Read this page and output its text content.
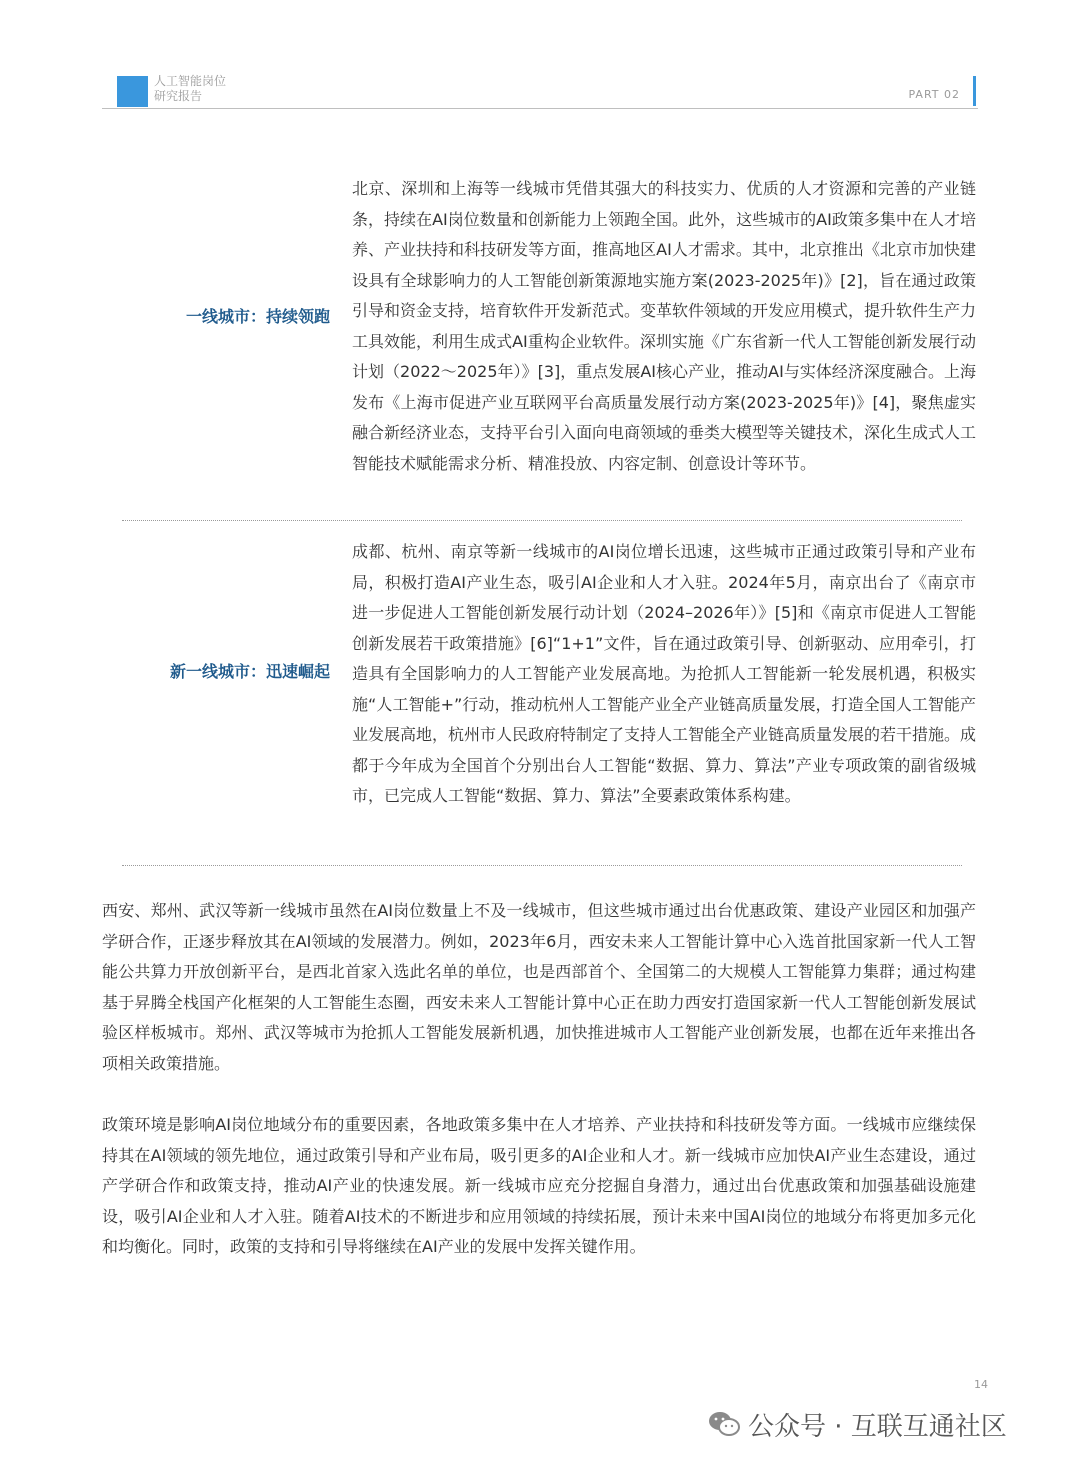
人工智能岗位
研究报告	PART 02
一线城市：持续领跑
北京、深圳和上海等一线城市凭借其强大的科技实力、优质的人才资源和完善的产业链条，持续在AI岗位数量和创新能力上领跑全国。此外，这些城市的AI政策多集中在人才培养、产业扶持和科技研发等方面，推高地区AI人才需求。其中，北京推出《北京市加快建设具有全球影响力的人工智能创新策源地实施方案(2023-2025年)》[2]，旨在通过政策引导和资金支持，培育软件开发新范式。变革软件领域的开发应用模式，提升软件生产力工具效能，利用生成式AI重构企业软件。深圳实施《广东省新一代人工智能创新发展行动计划（2022～2025年）》[3]，重点发展AI核心产业，推动AI与实体经济深度融合。上海发布《上海市促进产业互联网平台高质量发展行动方案(2023-2025年)》[4]，聚焦虚实融合新经济业态，支持平台引入面向电商领域的垂类大模型等关键技术，深化生成式人工智能技术赋能需求分析、精准投放、内容定制、创意设计等环节。
新一线城市：迅速崛起
成都、杭州、南京等新一线城市的AI岗位增长迅速，这些城市正通过政策引导和产业布局，积极打造AI产业生态，吸引AI企业和人才入驻。2024年5月，南京出台了《南京市进一步促进人工智能创新发展行动计划（2024–2026年）》[5]和《南京市促进人工智能创新发展若干政策措施》[6]“1+1”文件，旨在通过政策引导、创新驱动、应用牵引，打造具有全国影响力的人工智能产业发展高地。为抢抓人工智能新一轮发展机遇，积极实施“人工智能+”行动，推动杭州人工智能产业全产业链高质量发展，打造全国人工智能产业发展高地，杭州市人民政府特制定了支持人工智能全产业链高质量发展的若干措施。成都于今年成为全国首个分别出台人工智能“数据、算力、算法”产业专项政策的副省级城市，已完成人工智能“数据、算力、算法”全要素政策体系构建。
西安、郑州、武汉等新一线城市虽然在AI岗位数量上不及一线城市，但这些城市通过出台优惠政策、建设产业园区和加强产学研合作，正逐步释放其在AI领域的发展潜力。例如，2023年6月，西安未来人工智能计算中心入选首批国家新一代人工智能公共算力开放创新平台，是西北首家入选此名单的单位，也是西部首个、全国第二的大规模人工智能算力集群；通过构建基于昇腾全栈国产化框架的人工智能生态圈，西安未来人工智能计算中心正在助力西安打造国家新一代人工智能创新发展试验区样板城市。郑州、武汉等城市为抢抓人工智能发展新机遇，加快推进城市人工智能产业创新发展，也都在近年来推出各项相关政策措施。
政策环境是影响AI岗位地域分布的重要因素，各地政策多集中在人才培养、产业扶持和科技研发等方面。一线城市应继续保持其在AI领域的领先地位，通过政策引导和产业布局，吸引更多的AI企业和人才。新一线城市应加快AI产业生态建设，通过产学研合作和政策支持，推动AI产业的快速发展。新一线城市应充分挖掘自身潜力，通过出台优惠政策和加强基础设施建设，吸引AI企业和人才入驻。随着AI技术的不断进步和应用领域的持续拓展，预计未来中国AI岗位的地域分布将更加多元化和均衡化。同时，政策的支持和引导将继续在AI产业的发展中发挥关键作用。
14
公众号 · 互联互通社区
